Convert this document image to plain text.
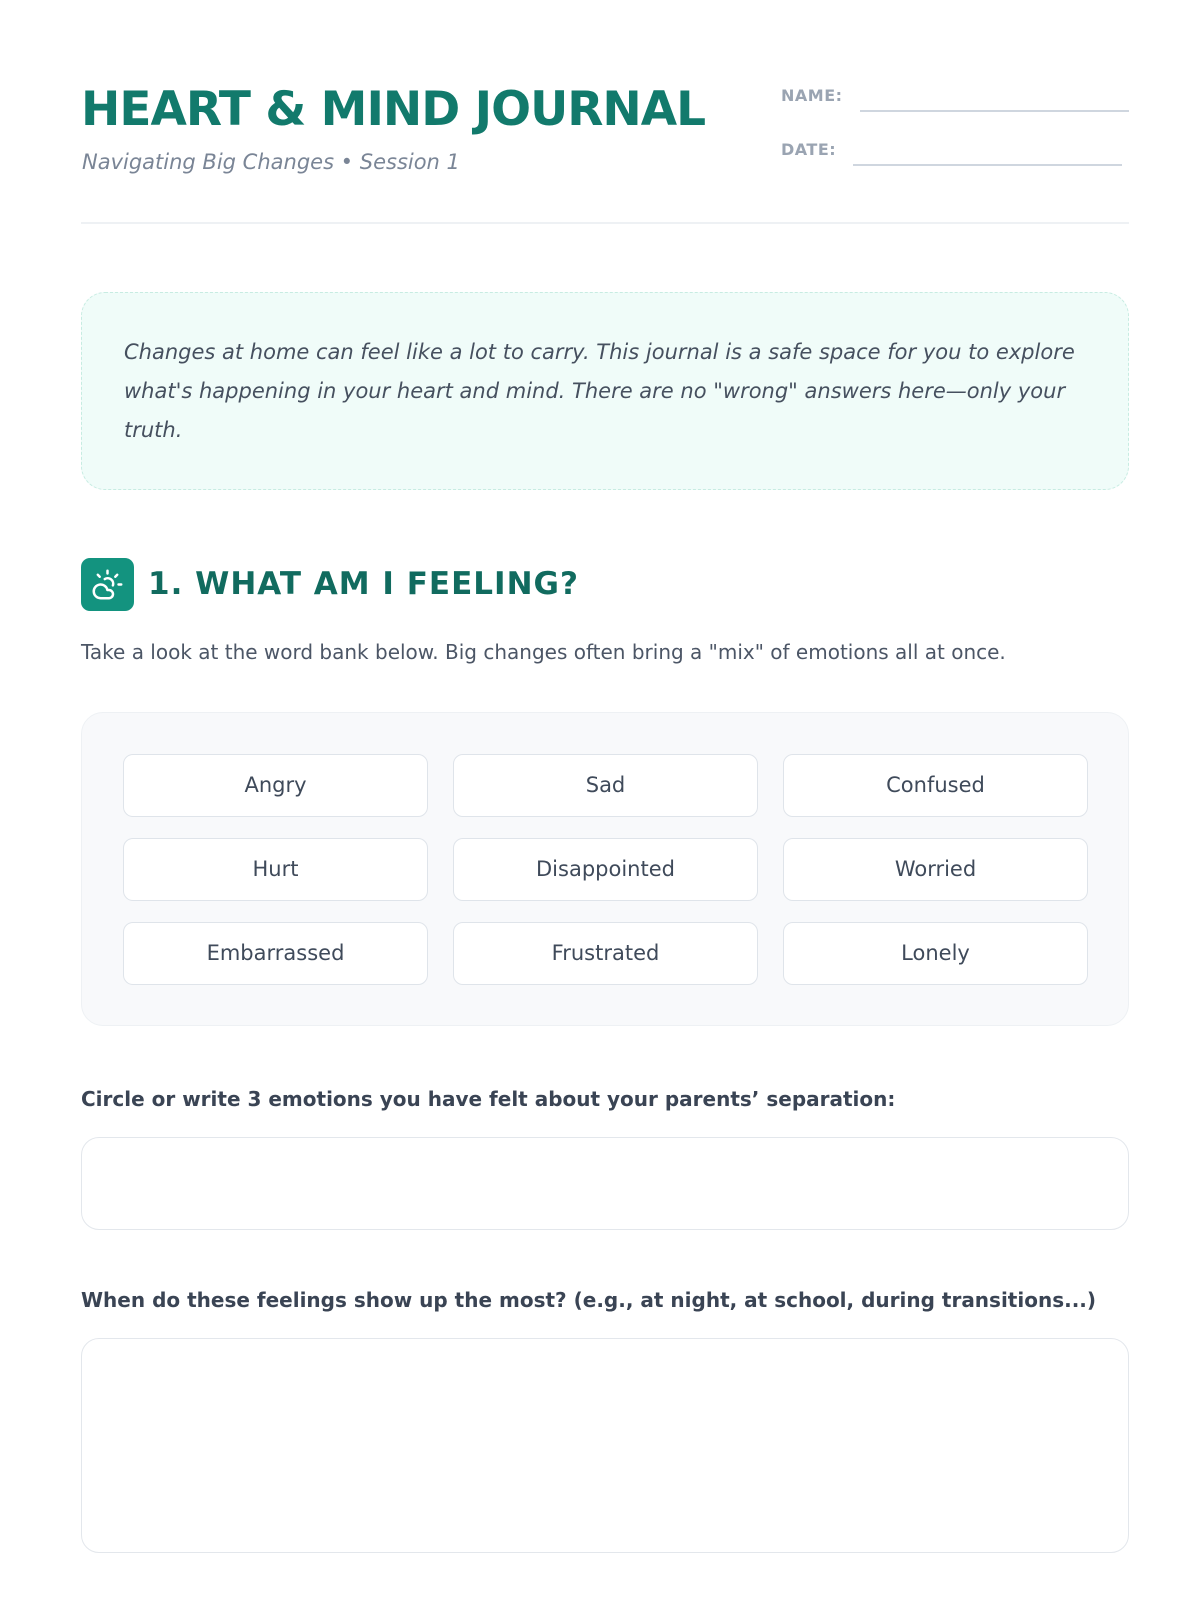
HEART & MIND JOURNAL
Navigating Big Changes • Session 1
NAME:
DATE:

Changes at home can feel like a lot to carry. This journal is a safe space for you to explore what's happening in your heart and mind. There are no "wrong" answers here—only your truth.

1. WHAT AM I FEELING?
Take a look at the word bank below. Big changes often bring a "mix" of emotions all at once.
Angry	Sad	Confused
Hurt	Disappointed	Worried
Embarrassed	Frustrated	Lonely
Circle or write 3 emotions you have felt about your parents’ separation:
When do these feelings show up the most? (e.g., at night, at school, during transitions...)
